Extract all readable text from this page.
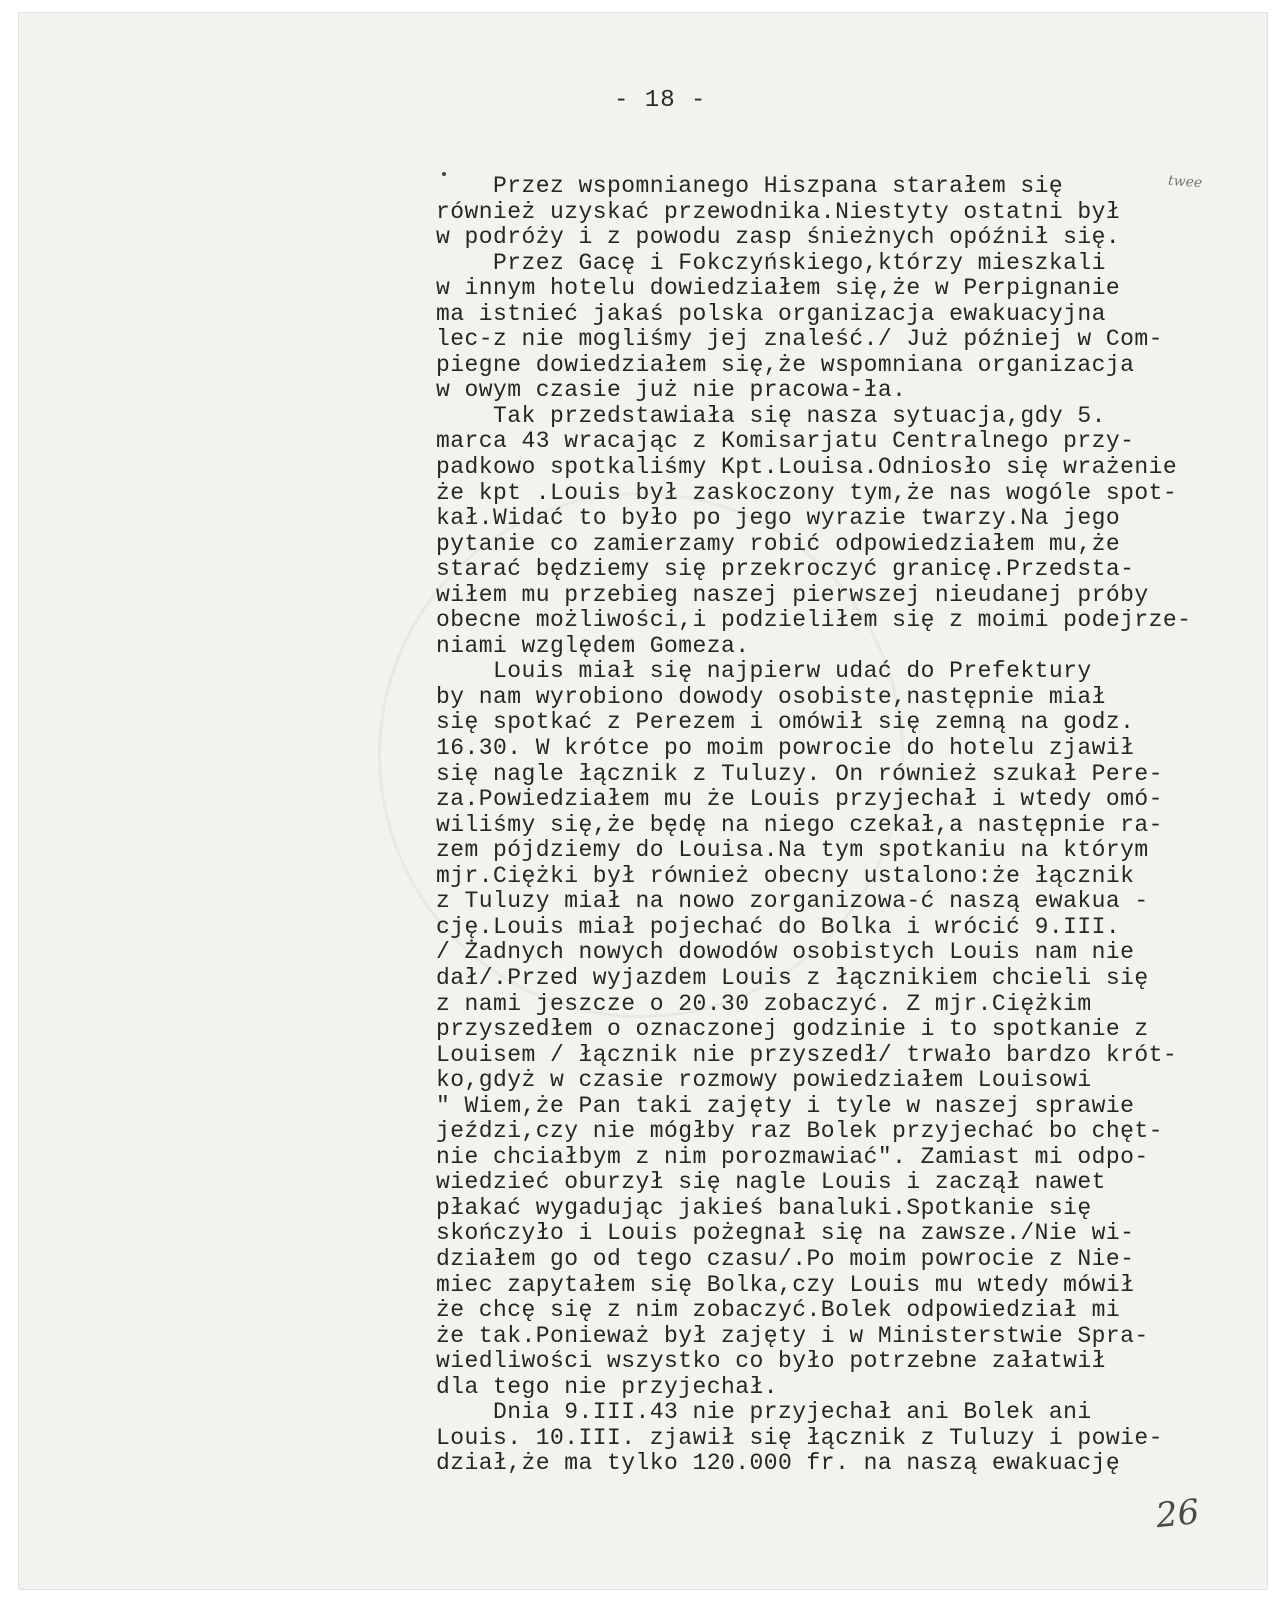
- 18 -
Przez wspomnianego Hiszpana starałem się
również uzyskać przewodnika.Niestyty ostatni był
w podróży i z powodu zasp śnieżnych opóźnił się.
Przez Gacę i Fokczyńskiego,którzy mieszkali
w innym hotelu dowiedziałem się,że w Perpignanie
ma istnieć jakaś polska organizacja ewakuacyjna
lec-z nie mogliśmy jej znaleść./ Już później w Com-
piegne dowiedziałem się,że wspomniana organizacja
w owym czasie już nie pracowa-ła.
Tak przedstawiała się nasza sytuacja,gdy 5.
marca 43 wracając z Komisarjatu Centralnego przy-
padkowo spotkaliśmy Kpt.Louisa.Odniosło się wrażenie
że kpt .Louis był zaskoczony tym,że nas wogóle spot-
kał.Widać to było po jego wyrazie twarzy.Na jego
pytanie co zamierzamy robić odpowiedziałem mu,że
starać będziemy się przekroczyć granicę.Przedsta-
wiłem mu przebieg naszej pierwszej nieudanej próby
obecne możliwości,i podzieliłem się z moimi podejrze-
niami względem Gomeza.
Louis miał się najpierw udać do Prefektury
by nam wyrobiono dowody osobiste,następnie miał
się spotkać z Perezem i omówił się zemną na godz.
16.30. W krótce po moim powrocie do hotelu zjawił
się nagle łącznik z Tuluzy. On również szukał Pere-
za.Powiedziałem mu że Louis przyjechał i wtedy omó-
wiliśmy się,że będę na niego czekał,a następnie ra-
zem pójdziemy do Louisa.Na tym spotkaniu na którym
mjr.Ciężki był również obecny ustalono:że łącznik
z Tuluzy miał na nowo zorganizowa-ć naszą ewakua -
cję.Louis miał pojechać do Bolka i wrócić 9.III.
/ Żadnych nowych dowodów osobistych Louis nam nie
dał/.Przed wyjazdem Louis z łącznikiem chcieli się
z nami jeszcze o 20.30 zobaczyć. Z mjr.Ciężkim
przyszedłem o oznaczonej godzinie i to spotkanie z
Louisem / łącznik nie przyszedł/ trwało bardzo krót-
ko,gdyż w czasie rozmowy powiedziałem Louisowi
" Wiem,że Pan taki zajęty i tyle w naszej sprawie
jeździ,czy nie mógłby raz Bolek przyjechać bo chęt-
nie chciałbym z nim porozmawiać". Zamiast mi odpo-
wiedzieć oburzył się nagle Louis i zaczął nawet
płakać wygadując jakieś banaluki.Spotkanie się
skończyło i Louis pożegnał się na zawsze./Nie wi-
działem go od tego czasu/.Po moim powrocie z Nie-
miec zapytałem się Bolka,czy Louis mu wtedy mówił
że chcę się z nim zobaczyć.Bolek odpowiedział mi
że tak.Ponieważ był zajęty i w Ministerstwie Spra-
wiedliwości wszystko co było potrzebne załatwił
dla tego nie przyjechał.
Dnia 9.III.43 nie przyjechał ani Bolek ani
Louis. 10.III. zjawił się łącznik z Tuluzy i powie-
dział,że ma tylko 120.000 fr. na naszą ewakuację
twee
26
